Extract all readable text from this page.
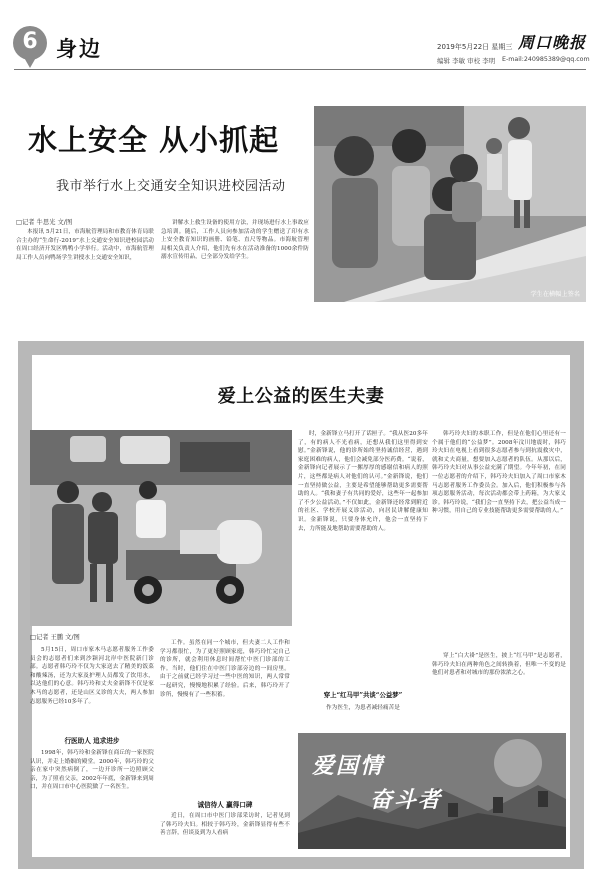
6 身边	2019年5月22日 星期三 周口晚报
编辑 李敏 审校 李明 E-mail:240985389@qq.com
水上安全 从小抓起
我市举行水上交通安全知识进校园活动
学生在横幅上签名
□记者 牛思光 文/图

本报讯 5月21日，市海航管理局和市教育体育局联合主办的“生命行-2019”水上交通安全知识进校园活动在周口经济开发区鸭鸭小学举行。活动中，市海航管理局工作人员向鸭场学生讲授水上交通安全知识，

讲解水上救生设备的使用方法，并现场进行水上事故应急培训。随后，工作人员向参加活动的学生赠送了印有水上安全教育知识的画册、铅笔、直尺等物品。市海航管理局相关负责人介绍，他们先有水在活动准备的1000余件防溺水宣传用品，已全部分发给学生。

爱上公益的医生夫妻
□记者 王鹏 文/图

5月15日，周口市家木马志愿者服务工作委员会的志愿者们来到沙颍河北岸中医院新门诊部。志愿者韩巧玲不仅为大家送去了精美的饭菜和酸辣汤，还为大家及护理人员都发了饮用水，以达他们的心意。韩巧玲和丈夫金新锋不仅是家木马的志愿者，还是山区义诊的大夫，两人参加志愿服务已经10多年了。

行医助人 追求进步

1998年，韩巧玲和金新锋在商丘的一家医院认识，并走上婚姻的殿堂。2000年，韩巧玲的父亲在家中突然病倒了，一边开诊所一边照顾父亲，为了照看父亲，2002年年底，金新锋来到周口，并在周口市中心医院做了一名医生。

工作。虽然在同一个城市，但夫妻二人工作和学习都很忙，为了更好照顾家庭，韩巧玲忙完自己的诊所，就会利用休息时间帮忙中医门诊部的工作。当时，他们住在中医门诊部旁边的一间房里。由于之前就已经学习过一些中医的知识，两人常常一起研究，慢慢地积累了经验。后来，韩巧玲开了诊所，慢慢有了一些积蓄。

诚信待人 赢得口碑

近日，在周口市中医门诊部采访时，记者见到了韩巧玲夫妇。相较于韩巧玲，金新锋显得有些不善言辞，但谈及到为人看病

时，金新锋立马打开了话匣子。“我从医20多年了，有的病人不光看病，还想从我们这里得到安慰。”金新锋说，他的诊所始终坚持诚信经营，遇到家庭困难的病人，他们会减免部分医药费。“说着，金新锋向记者展示了一摞厚厚的感谢信和病人的照片，这些都是病人对他们的认可。”金新锋说，他们一直坚持做公益，主要是希望能够帮助更多需要帮助的人。“我和妻子有共同的爱好，这些年一起参加了不少公益活动。”不仅如此，金新锋还经常到附近的社区、学校开展义诊活动，向居民讲解健康知识。金新锋说，只要身体允许，他会一直坚持下去，力所能及地帮助需要帮助的人。

穿上“红马甲”共谈“公益梦”
作为医生，为患者减轻痛苦是

韩巧玲夫妇的本职工作，但是在他们心里还有一个属于他们的“公益梦”。2008年汶川地震时，韩巧玲夫妇在电视上看到很多志愿者参与到抗震救灾中，就和丈夫商量，想要加入志愿者的队伍。从那以后，韩巧玲夫妇对从事公益充满了期望。今年年初，在同一位志愿者的介绍下，韩巧玲夫妇加入了周口市家木马志愿者服务工作委员会。加入后，他们积极参与各项志愿服务活动，每次活动都会带上药箱，为大家义诊。韩巧玲说，“我们会一直坚持下去，把公益当成一种习惯，用自己的专业技能帮助更多需要帮助的人。”

穿上“白大褂”是医生，披上“红马甲”是志愿者，韩巧玲夫妇在两种角色之间转换着，但唯一不变的是他们对患者和对城市的那份浓浓之心。

爱国情
奋斗者
